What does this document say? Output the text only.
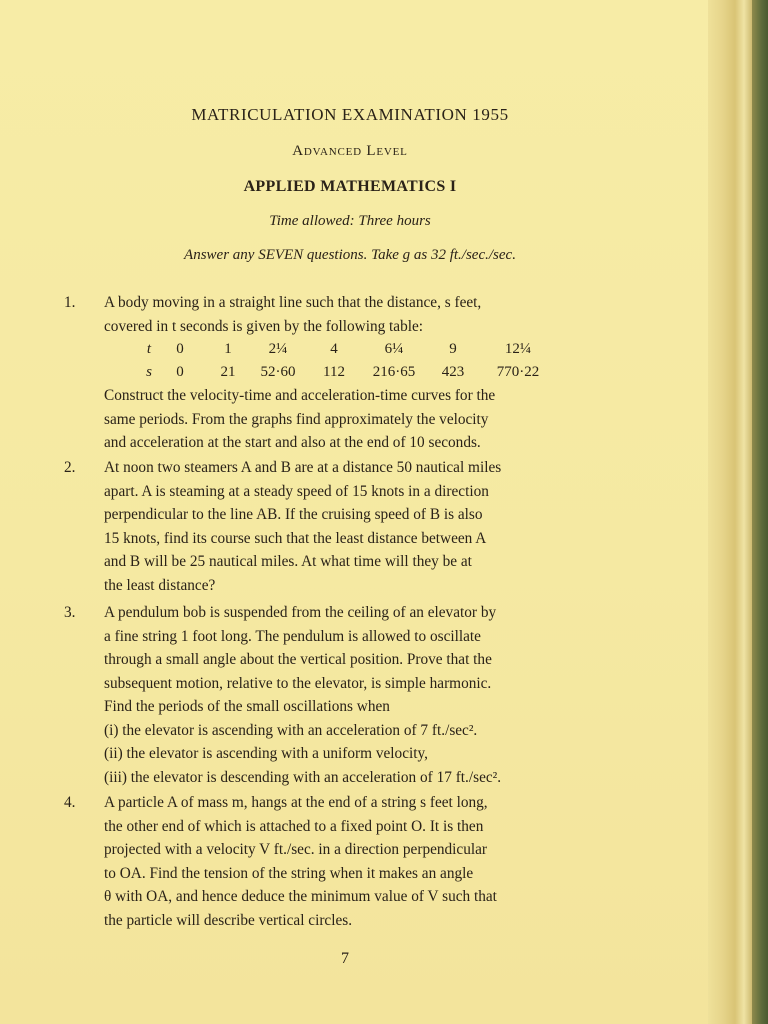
MATRICULATION EXAMINATION 1955
Advanced Level
APPLIED MATHEMATICS I
Time allowed: Three hours
Answer any SEVEN questions. Take g as 32 ft./sec./sec.
1.	A body moving in a straight line such that the distance, s feet,
covered in t seconds is given by the following table:
t	0	1	2¼	4	6¼	9	12¼
s	0	21	52·60	112	216·65	423	770·22
Construct the velocity-time and acceleration-time curves for the
same periods. From the graphs find approximately the velocity
and acceleration at the start and also at the end of 10 seconds.
2.	At noon two steamers A and B are at a distance 50 nautical miles
apart. A is steaming at a steady speed of 15 knots in a direction
perpendicular to the line AB. If the cruising speed of B is also
15 knots, find its course such that the least distance between A
and B will be 25 nautical miles. At what time will they be at
the least distance?
3.	A pendulum bob is suspended from the ceiling of an elevator by
a fine string 1 foot long. The pendulum is allowed to oscillate
through a small angle about the vertical position. Prove that the
subsequent motion, relative to the elevator, is simple harmonic.
Find the periods of the small oscillations when
(i) the elevator is ascending with an acceleration of 7 ft./sec².
(ii) the elevator is ascending with a uniform velocity,
(iii) the elevator is descending with an acceleration of 17 ft./sec².
4.	A particle A of mass m, hangs at the end of a string s feet long,
the other end of which is attached to a fixed point O. It is then
projected with a velocity V ft./sec. in a direction perpendicular
to OA. Find the tension of the string when it makes an angle
θ with OA, and hence deduce the minimum value of V such that
the particle will describe vertical circles.
7
